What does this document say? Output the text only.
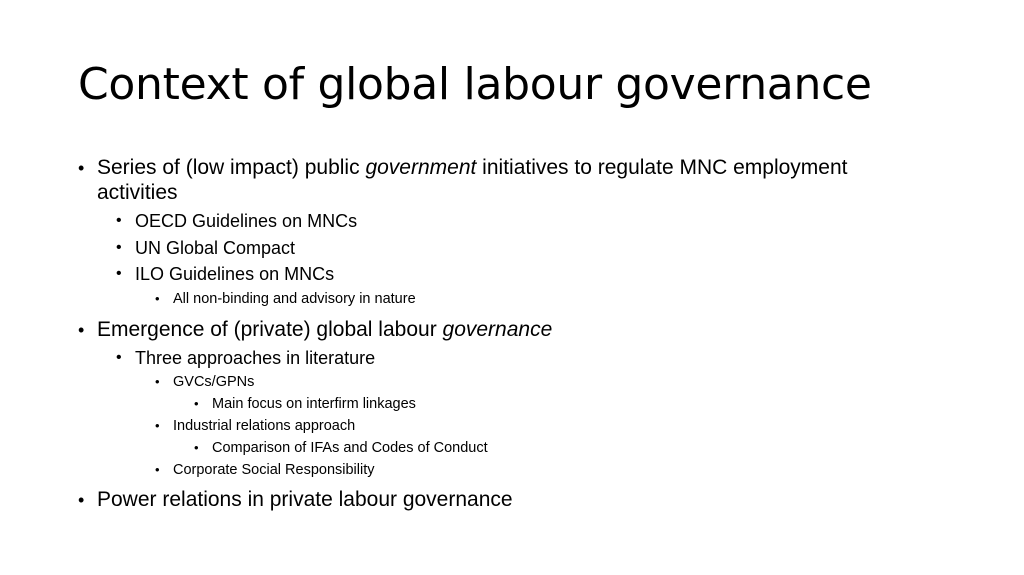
Context of global labour governance
• Series of (low impact) public government initiatives to regulate MNC employment
activities
• OECD Guidelines on MNCs
• UN Global Compact
• ILO Guidelines on MNCs
• All non-binding and advisory in nature
• Emergence of (private) global labour governance
• Three approaches in literature
• GVCs/GPNs
• Main focus on interfirm linkages
• Industrial relations approach
• Comparison of IFAs and Codes of Conduct
• Corporate Social Responsibility
• Power relations in private labour governance
